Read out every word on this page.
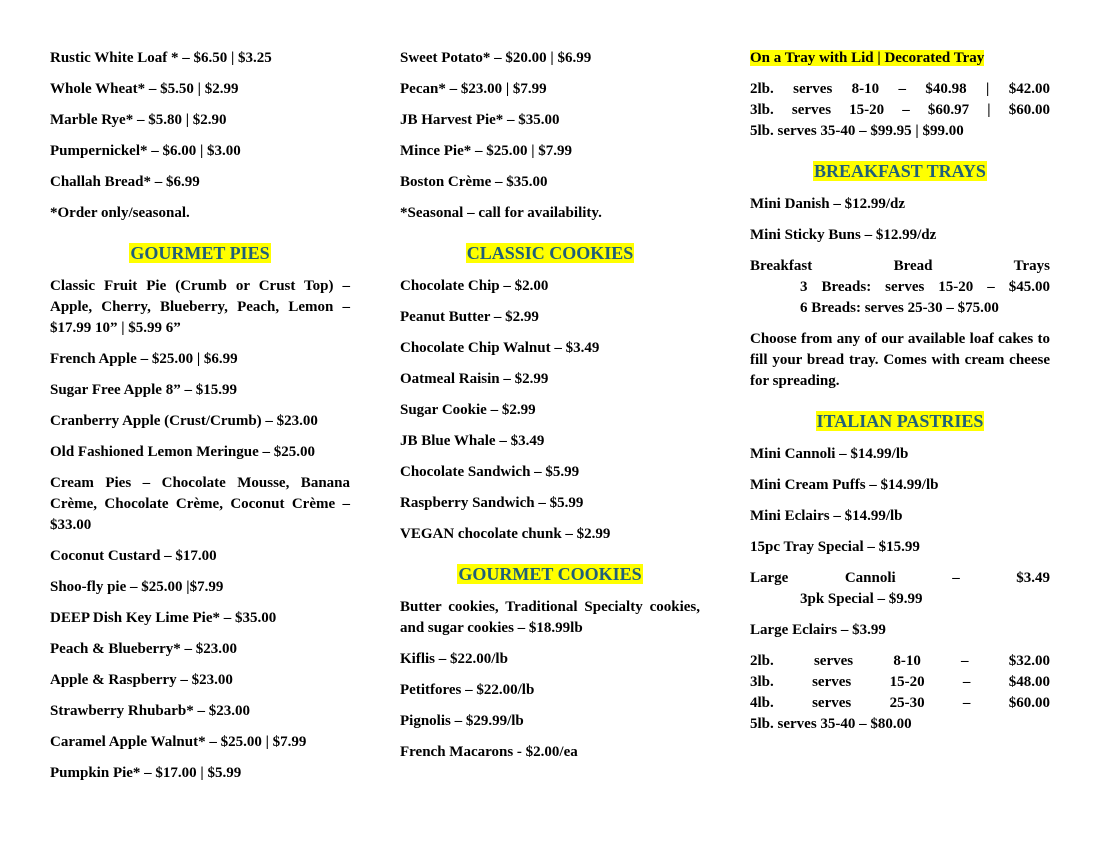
Rustic White Loaf * – $6.50 | $3.25

Whole Wheat* – $5.50 | $2.99

Marble Rye* – $5.80 | $2.90

Pumpernickel* – $6.00 | $3.00

Challah Bread* – $6.99

*Order only/seasonal.

GOURMET PIES

Classic Fruit Pie (Crumb or Crust Top) – Apple, Cherry, Blueberry, Peach, Lemon – $17.99 10” | $5.99 6”

French Apple – $25.00 | $6.99

Sugar Free Apple 8” – $15.99

Cranberry Apple (Crust/Crumb) – $23.00

Old Fashioned Lemon Meringue – $25.00

Cream Pies – Chocolate Mousse, Banana Crème, Chocolate Crème, Coconut Crème – $33.00

Coconut Custard – $17.00

Shoo-fly pie – $25.00 |$7.99

DEEP Dish Key Lime Pie* – $35.00

Peach & Blueberry* – $23.00

Apple & Raspberry – $23.00

Strawberry Rhubarb* – $23.00

Caramel Apple Walnut* – $25.00 | $7.99

Pumpkin Pie* – $17.00 | $5.99

Sweet Potato* – $20.00 | $6.99

Pecan* – $23.00 | $7.99

JB Harvest Pie* – $35.00

Mince Pie* – $25.00 | $7.99

Boston Crème – $35.00

*Seasonal – call for availability.

CLASSIC COOKIES

Chocolate Chip – $2.00

Peanut Butter – $2.99

Chocolate Chip Walnut – $3.49

Oatmeal Raisin – $2.99

Sugar Cookie – $2.99

JB Blue Whale – $3.49

Chocolate Sandwich – $5.99

Raspberry Sandwich – $5.99

VEGAN chocolate chunk – $2.99

GOURMET COOKIES

Butter cookies, Traditional Specialty cookies, and sugar cookies – $18.99lb

Kiflis – $22.00/lb

Petitfores – $22.00/lb

Pignolis – $29.99/lb

French Macarons - $2.00/ea

On a Tray with Lid | Decorated Tray

2lb. serves 8-10 – $40.98 | $42.00

3lb. serves 15-20 – $60.97 | $60.00

5lb. serves 35-40 – $99.95 | $99.00

BREAKFAST TRAYS

Mini Danish – $12.99/dz

Mini Sticky Buns – $12.99/dz

Breakfast Bread Trays

3 Breads: serves 15-20 – $45.00

6 Breads: serves 25-30 – $75.00

Choose from any of our available loaf cakes to fill your bread tray. Comes with cream cheese for spreading.

ITALIAN PASTRIES

Mini Cannoli – $14.99/lb

Mini Cream Puffs – $14.99/lb

Mini Eclairs – $14.99/lb

15pc Tray Special – $15.99

Large Cannoli – $3.49

3pk Special – $9.99

Large Eclairs – $3.99

2lb. serves 8-10 – $32.00

3lb. serves 15-20 – $48.00

4lb. serves 25-30 – $60.00

5lb. serves 35-40 – $80.00
